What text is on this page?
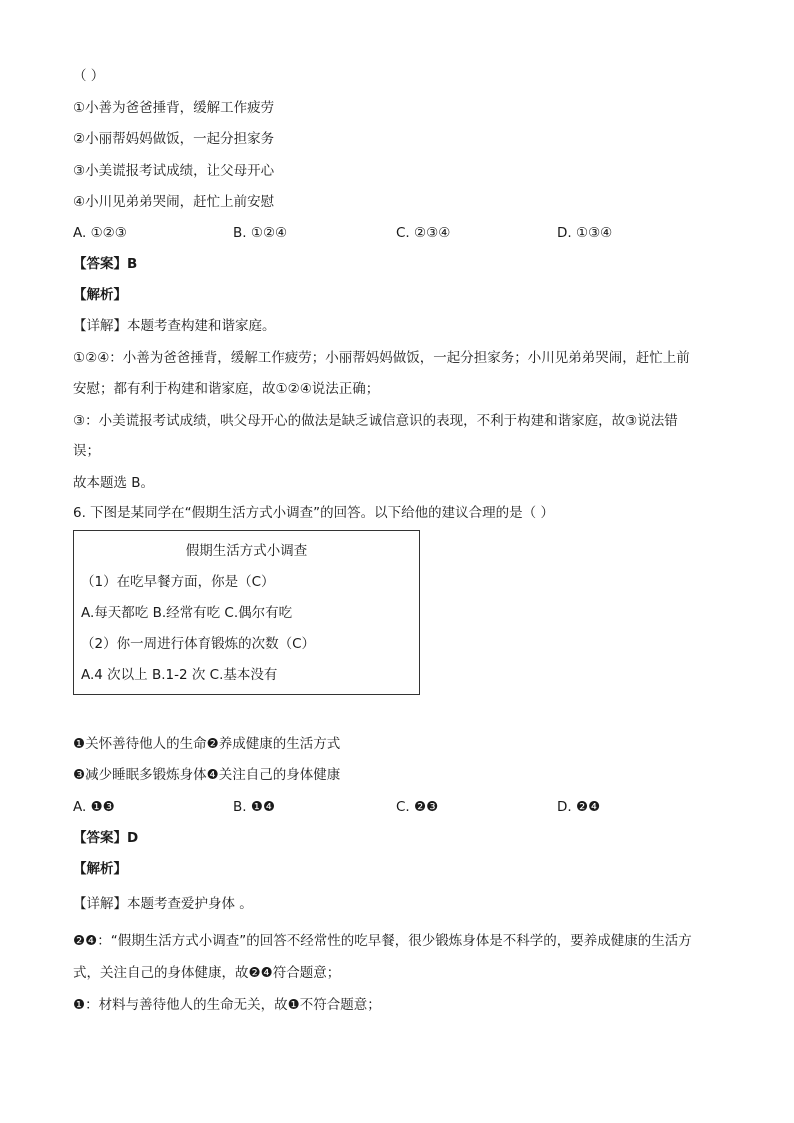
（ ）
①小善为爸爸捶背，缓解工作疲劳
②小丽帮妈妈做饭，一起分担家务
③小美谎报考试成绩，让父母开心
④小川见弟弟哭闹，赶忙上前安慰
A. ①②③	B. ①②④	C. ②③④	D. ①③④
【答案】B
【解析】
【详解】本题考查构建和谐家庭。
①②④：小善为爸爸捶背，缓解工作疲劳；小丽帮妈妈做饭，一起分担家务；小川见弟弟哭闹，赶忙上前
安慰；都有利于构建和谐家庭，故①②④说法正确；
③：小美谎报考试成绩，哄父母开心的做法是缺乏诚信意识的表现，不利于构建和谐家庭，故③说法错
误；
故本题选 B。
6. 下图是某同学在“假期生活方式小调查”的回答。以下给他的建议合理的是（ ）
假期生活方式小调查
（1）在吃早餐方面，你是（C）
A.每天都吃 B.经常有吃 C.偶尔有吃
（2）你一周进行体育锻炼的次数（C）
A.4 次以上 B.1-2 次 C.基本没有
❶关怀善待他人的生命❷养成健康的生活方式
❸减少睡眠多锻炼身体❹关注自己的身体健康
A. ❶❸	B. ❶❹	C. ❷❸	D. ❷❹
【答案】D
【解析】
【详解】本题考查爱护身体 。
❷❹：“假期生活方式小调查”的回答不经常性的吃早餐，很少锻炼身体是不科学的，要养成健康的生活方
式，关注自己的身体健康，故❷❹符合题意；
❶：材料与善待他人的生命无关，故❶不符合题意；
